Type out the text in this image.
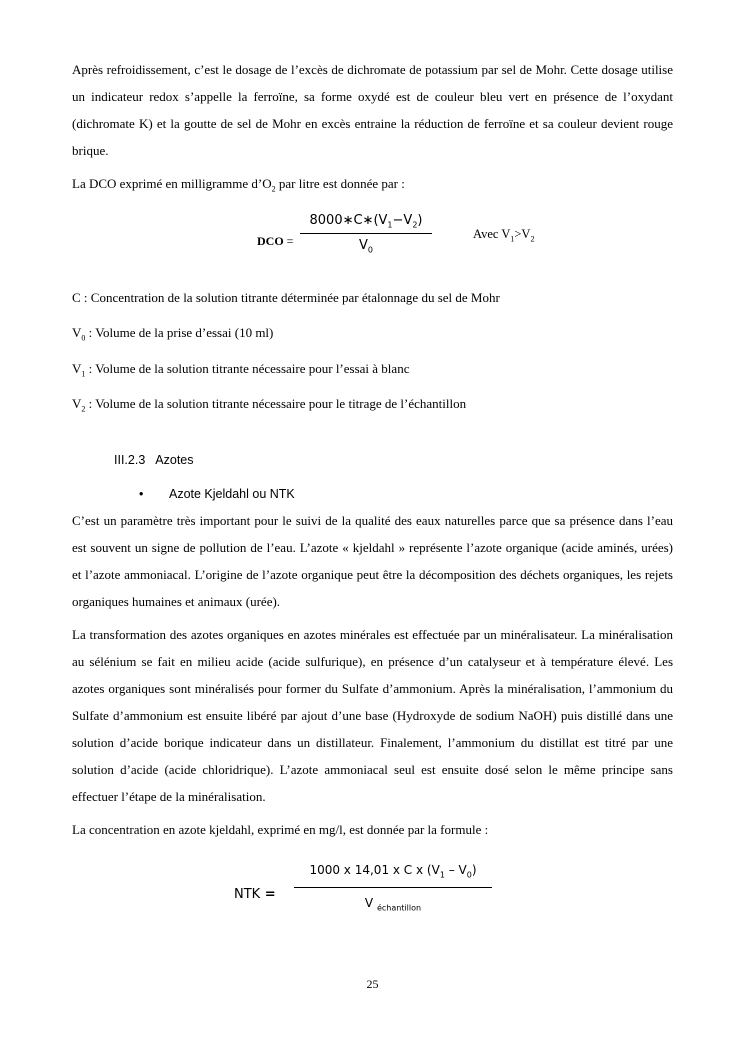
Après refroidissement, c’est le dosage de l’excès de dichromate de potassium par sel de Mohr. Cette dosage utilise un indicateur redox s’appelle la ferroïne, sa forme oxydé est de couleur bleu vert en présence de l’oxydant (dichromate K) et la goutte de sel de Mohr en excès entraine la réduction de ferroïne et sa couleur devient rouge brique.

La DCO exprimé en milligramme $d’O_2$ par litre est donnée par :

DCO = $\frac{8000∗C∗(V_1-V_2)}{V_0}$	Avec $V_1>V_2$

C : Concentration de la solution titrante déterminée par étalonnage du sel de Mohr

$V_0$ : Volume de la prise d’essai (10 ml)

$V_1$ : Volume de la solution titrante nécessaire pour l’essai à blanc

$V_2$ : Volume de la solution titrante nécessaire pour le titrage de l’échantillon

III.2.3 Azotes
• Azote Kjeldahl ou NTK

C’est un paramètre très important pour le suivi de la qualité des eaux naturelles parce que sa présence dans l’eau est souvent un signe de pollution de l’eau. L’azote « kjeldahl » représente l’azote organique (acide aminés, urées) et l’azote ammoniacal. L’origine de l’azote organique peut être la décomposition des déchets organiques, les rejets organiques humaines et animaux (urée).

La transformation des azotes organiques en azotes minérales est effectuée par un minéralisateur. La minéralisation au sélénium se fait en milieu acide (acide sulfurique), en présence d’un catalyseur et à température élevé. Les azotes organiques sont minéralisés pour former du Sulfate d’ammonium. Après la minéralisation, l’ammonium du Sulfate d’ammonium est ensuite libéré par ajout d’une base (Hydroxyde de sodium NaOH) puis distillé dans une solution d’acide borique indicateur dans un distillateur. Finalement, l’ammonium du distillat est titré par une solution d’acide (acide chloridrique). L’azote ammoniacal seul est ensuite dosé selon le même principe sans effectuer l’étape de la minéralisation.

La concentration en azote kjeldahl, exprimé en mg/l, est donnée par la formule :

NTK =
1000 x 14,01 x C x $(V_1 - V_0)$
V $_{échantillon}$
25
